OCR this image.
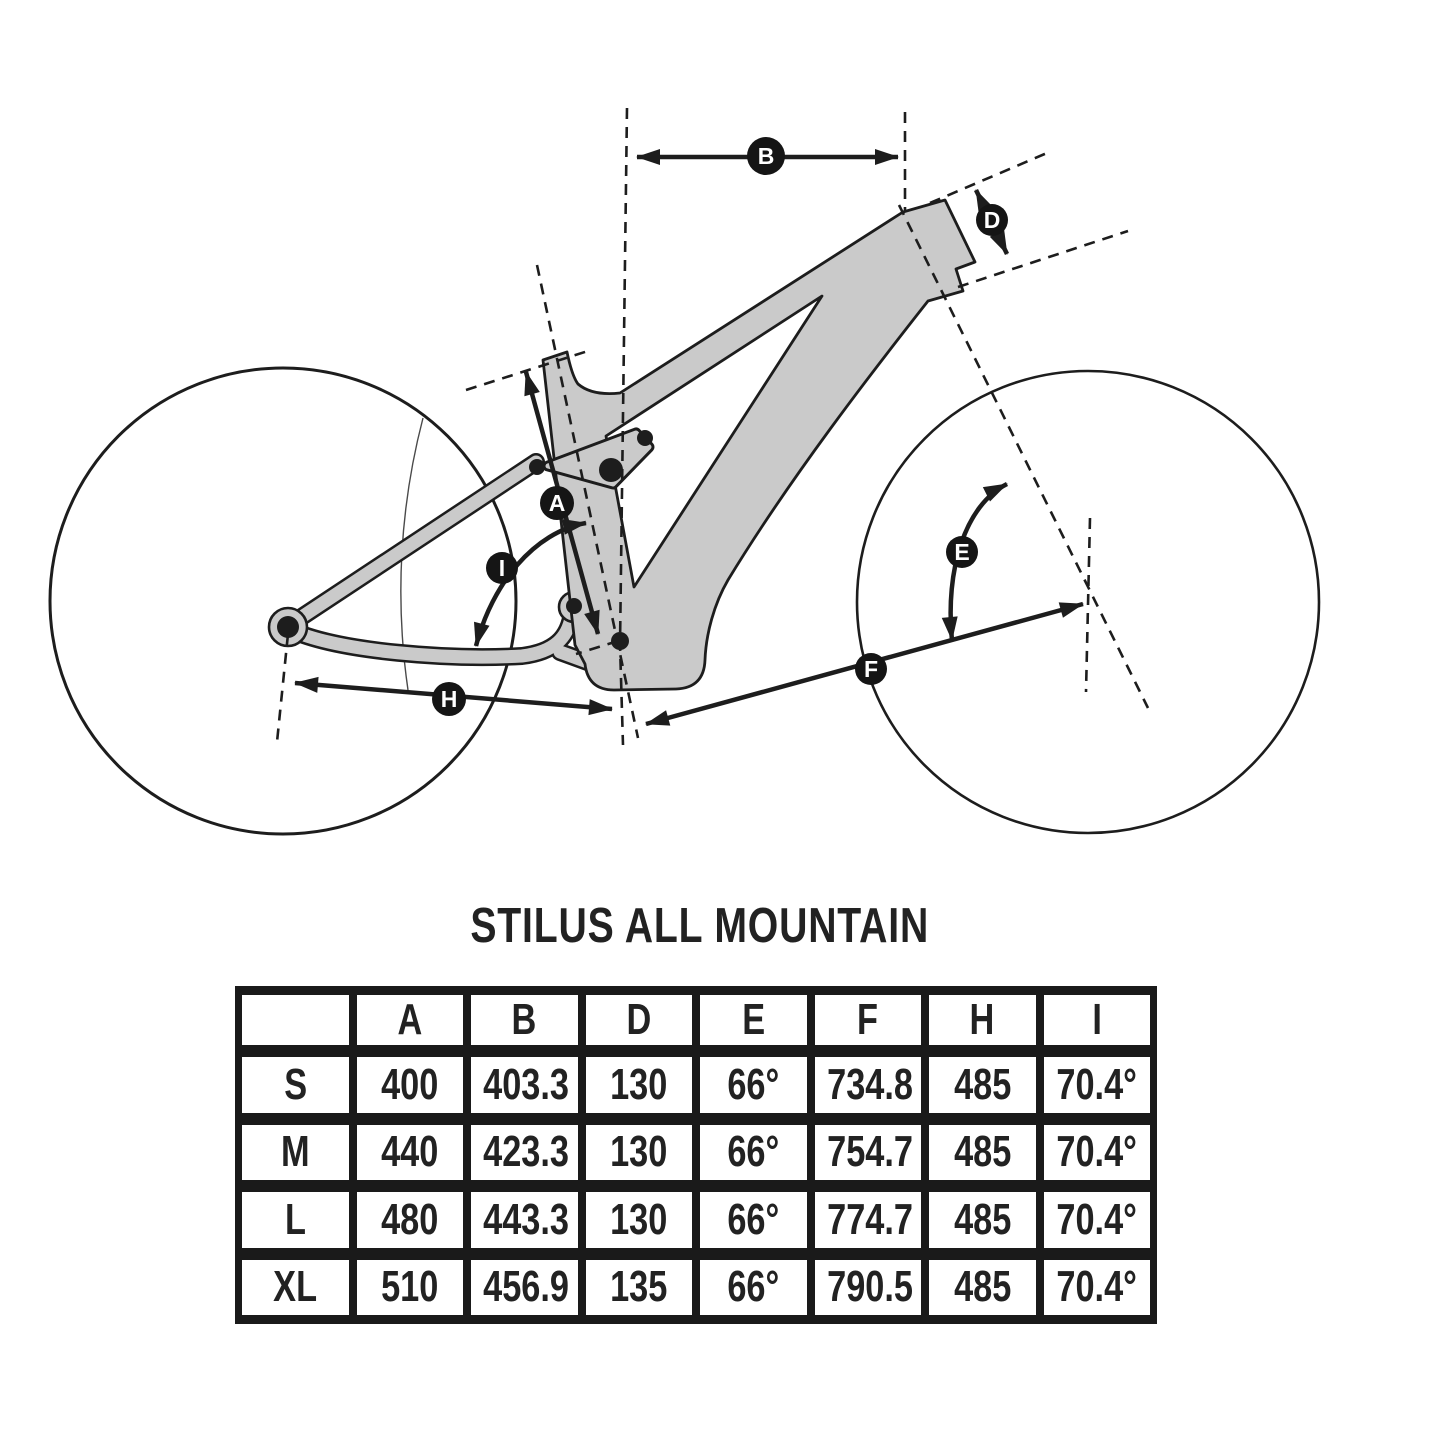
A
B
D
E
F
H
I
STILUS ALL MOUNTAIN
	A	B	D	E	F	H	I
S	400	403.3	130	66°	734.8	485	70.4°
M	440	423.3	130	66°	754.7	485	70.4°
L	480	443.3	130	66°	774.7	485	70.4°
XL	510	456.9	135	66°	790.5	485	70.4°
